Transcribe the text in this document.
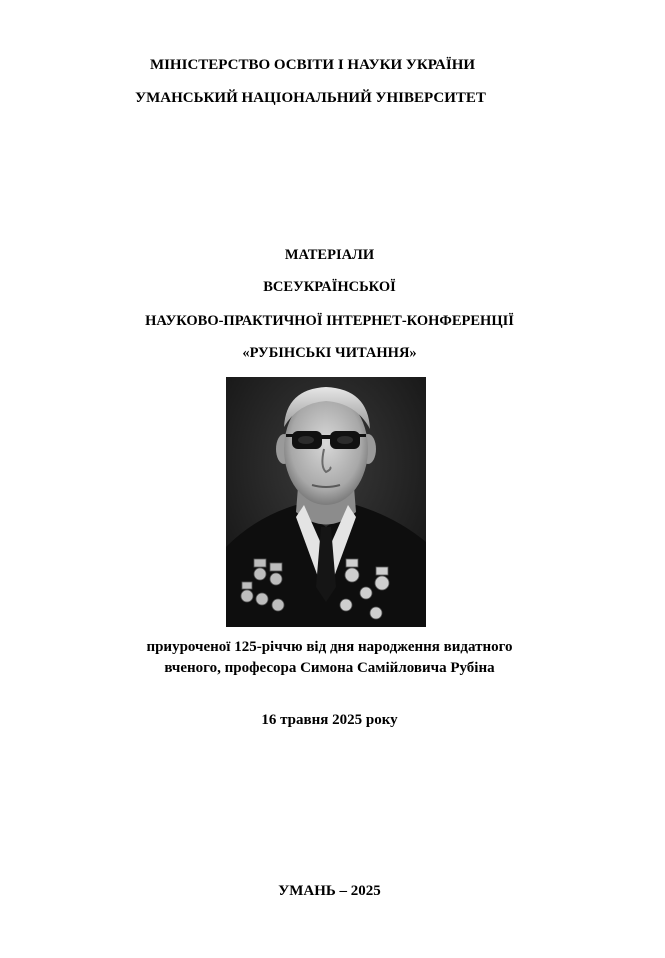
МІНІСТЕРСТВО ОСВІТИ І НАУКИ УКРАЇНИ
УМАНСЬКИЙ НАЦІОНАЛЬНИЙ УНІВЕРСИТЕТ
МАТЕРІАЛИ
ВСЕУКРАЇНСЬКОЇ
НАУКОВО-ПРАКТИЧНОЇ ІНТЕРНЕТ-КОНФЕРЕНЦІЇ
«РУБІНСЬКІ ЧИТАННЯ»
приуроченої 125-річчю від дня народження видатного
вченого, професора Симона Самійловича Рубіна
16 травня 2025 року
УМАНЬ – 2025
